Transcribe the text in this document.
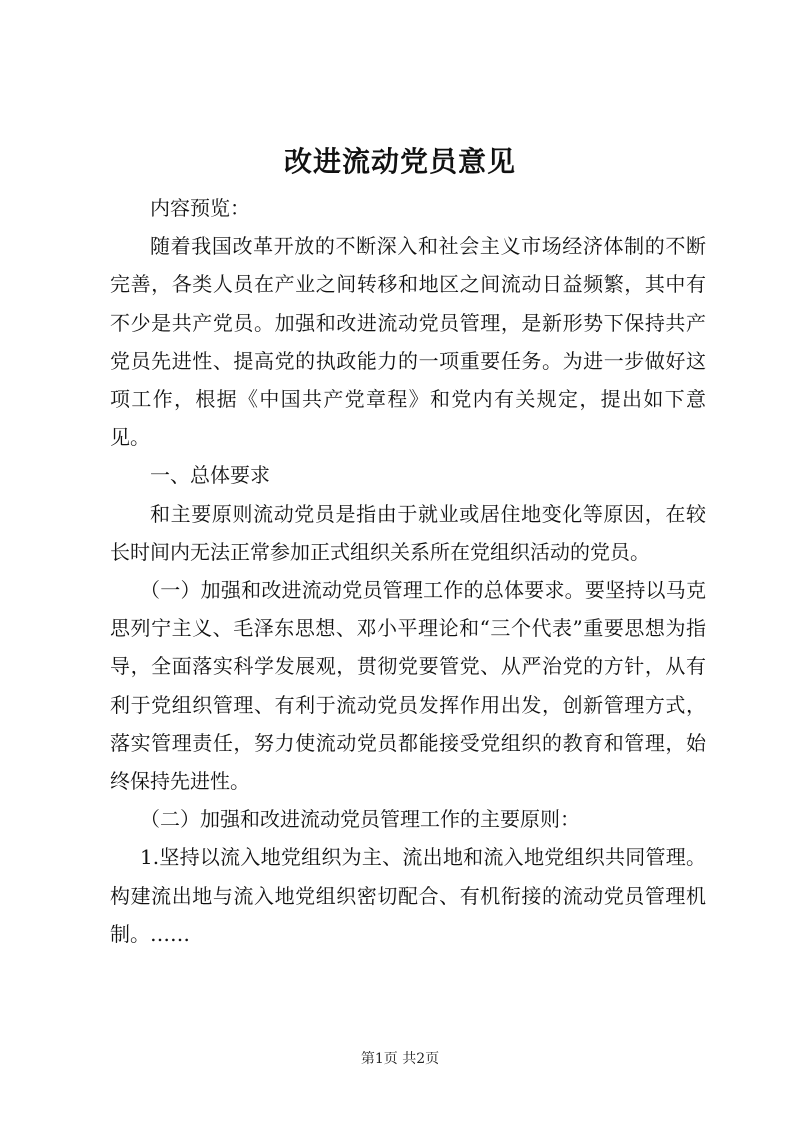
改进流动党员意见

内容预览：

随着我国改革开放的不断深入和社会主义市场经济体制的不断完善，各类人员在产业之间转移和地区之间流动日益频繁，其中有不少是共产党员。加强和改进流动党员管理，是新形势下保持共产党员先进性、提高党的执政能力的一项重要任务。为进一步做好这项工作，根据《中国共产党章程》和党内有关规定，提出如下意见。

一、总体要求

和主要原则流动党员是指由于就业或居住地变化等原因，在较长时间内无法正常参加正式组织关系所在党组织活动的党员。

（一）加强和改进流动党员管理工作的总体要求。要坚持以马克思列宁主义、毛泽东思想、邓小平理论和“三个代表”重要思想为指导，全面落实科学发展观，贯彻党要管党、从严治党的方针，从有利于党组织管理、有利于流动党员发挥作用出发，创新管理方式，落实管理责任，努力使流动党员都能接受党组织的教育和管理，始终保持先进性。

（二）加强和改进流动党员管理工作的主要原则：

1.坚持以流入地党组织为主、流出地和流入地党组织共同管理。构建流出地与流入地党组织密切配合、有机衔接的流动党员管理机制。……

第1页 共2页
